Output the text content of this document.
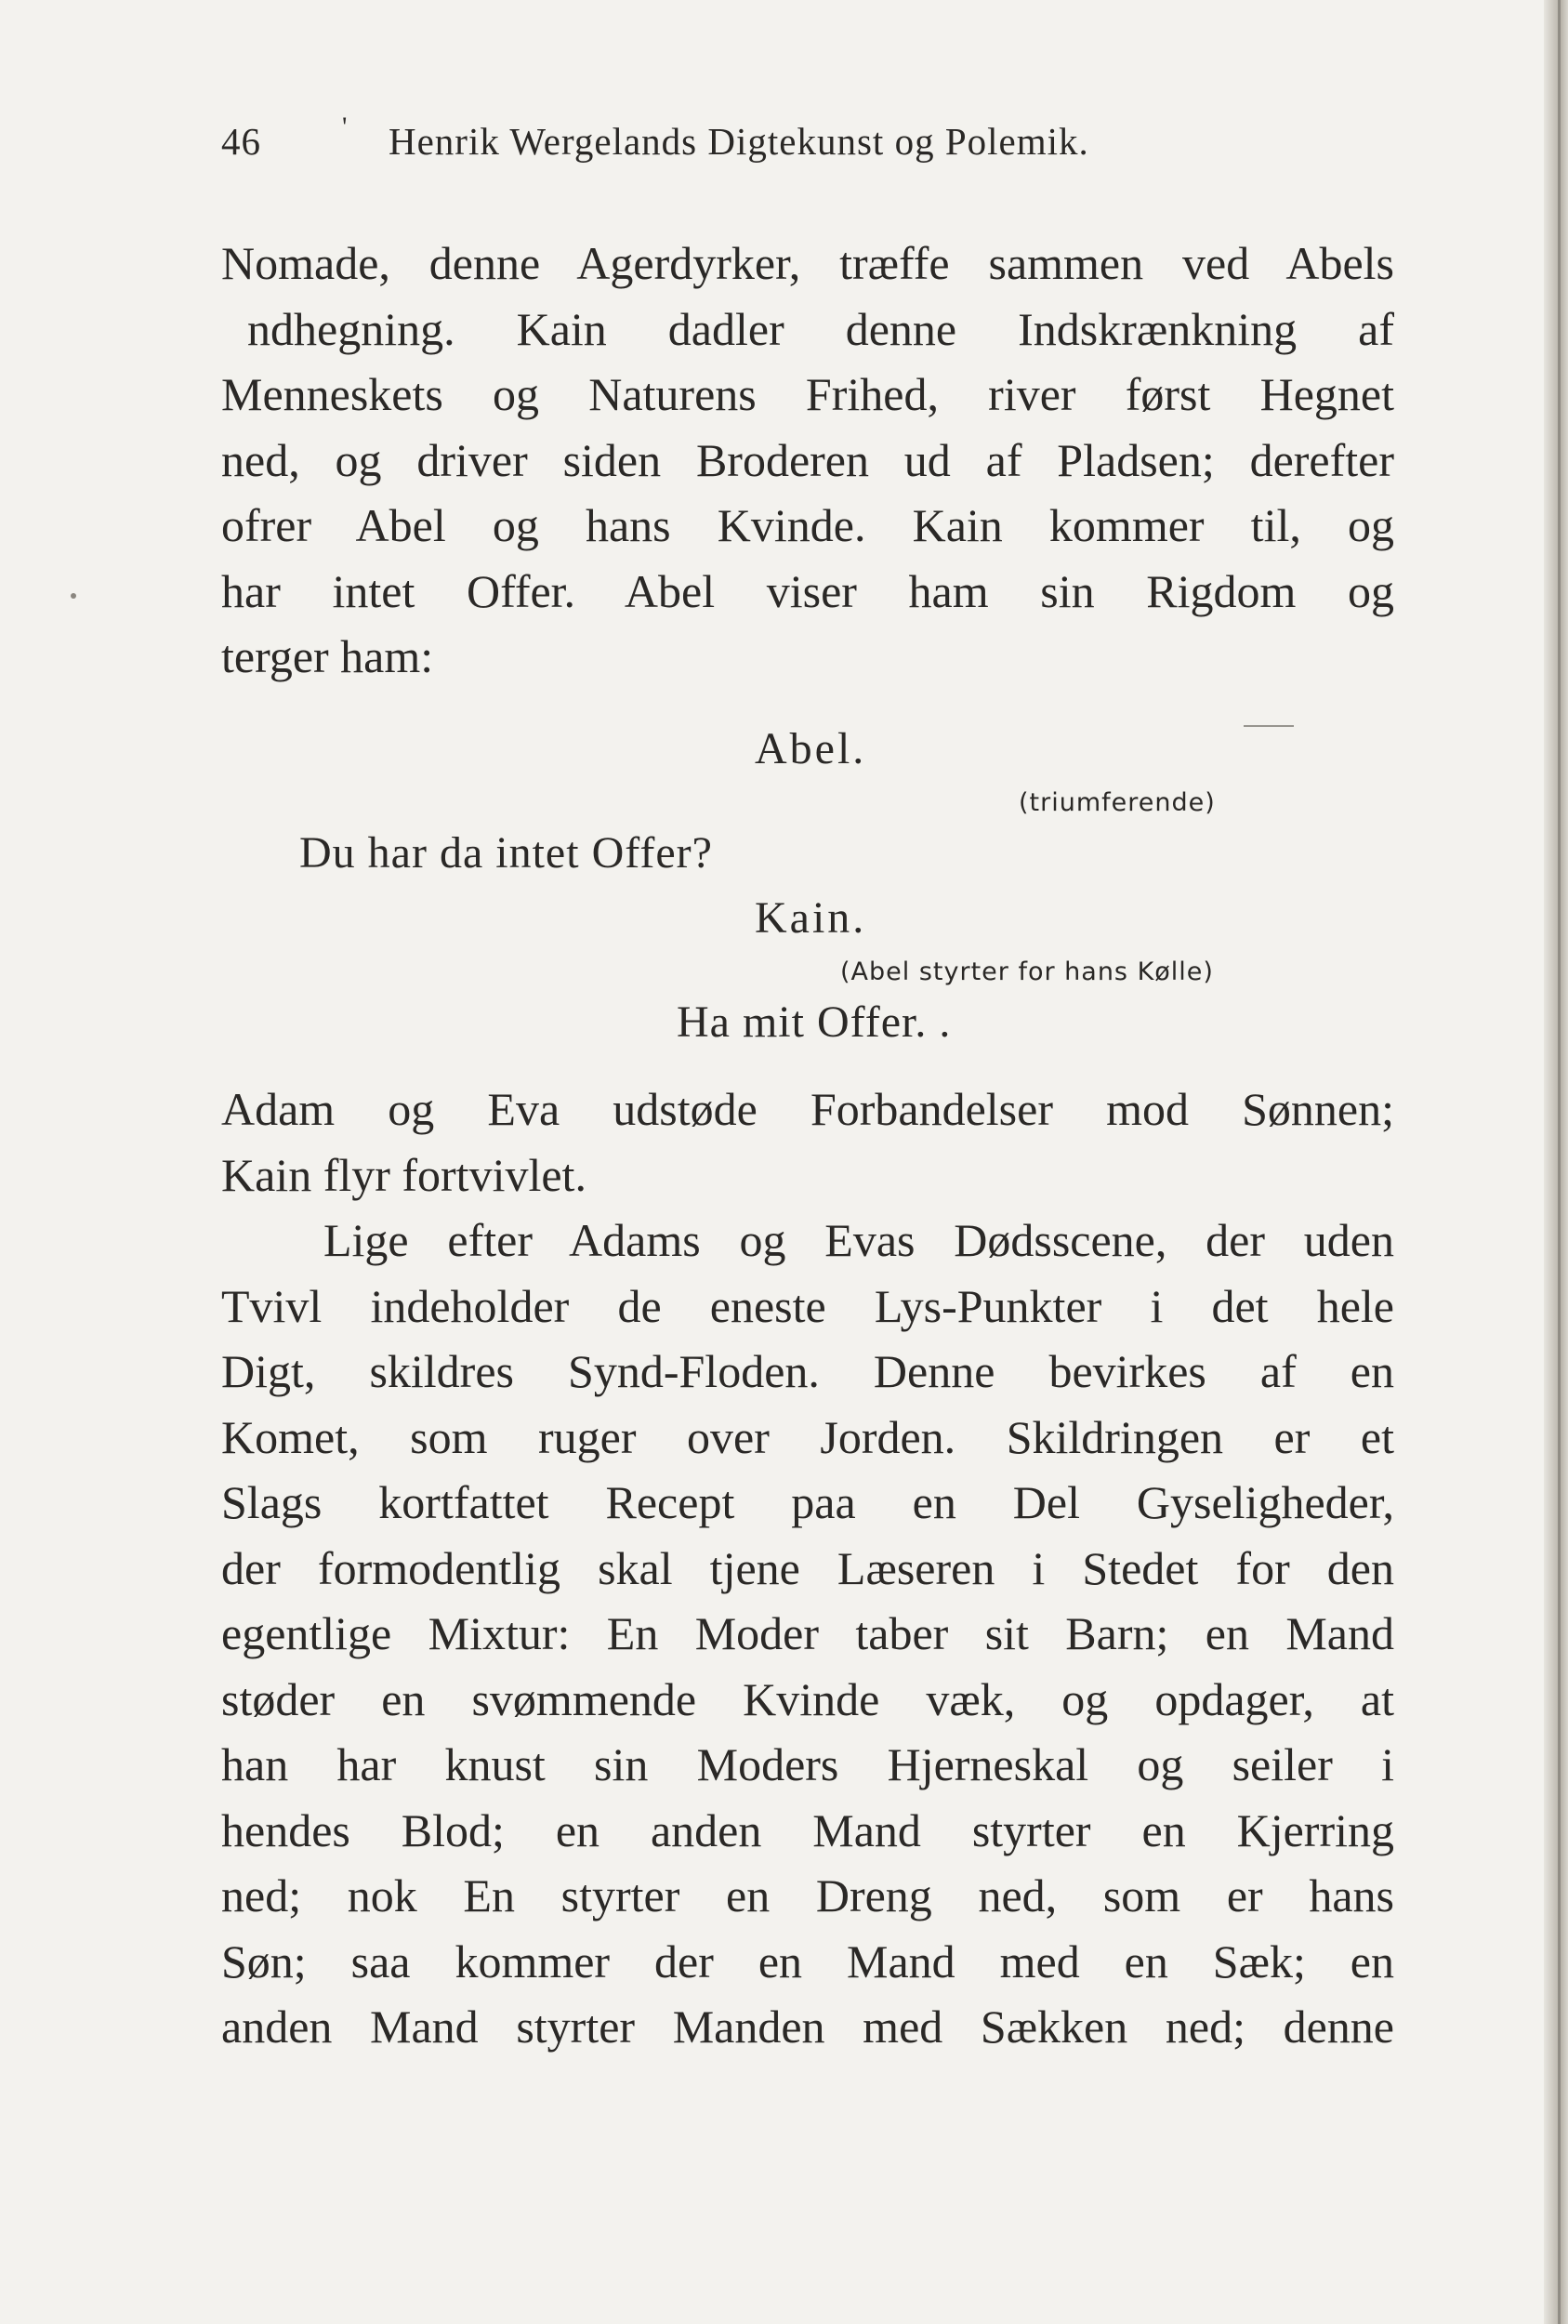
46	' Henrik Wergelands Digtekunst og Polemik.
Nomade, denne Agerdyrker, træffe sammen ved Abels
ndhegning. Kain dadler denne Indskrænkning af
Menneskets og Naturens Frihed, river først Hegnet
ned, og driver siden Broderen ud af Pladsen; derefter
ofrer Abel og hans Kvinde. Kain kommer til, og
har intet Offer. Abel viser ham sin Rigdom og
terger ham:
Abel.
(triumferende)
Du har da intet Offer?
Kain.
(Abel styrter for hans Kølle)
Ha mit Offer. .
Adam og Eva udstøde Forbandelser mod Sønnen;
Kain flyr fortvivlet.
Lige efter Adams og Evas Dødsscene, der uden
Tvivl indeholder de eneste Lys-Punkter i det hele
Digt, skildres Synd-Floden. Denne bevirkes af en
Komet, som ruger over Jorden. Skildringen er et
Slags kortfattet Recept paa en Del Gyseligheder,
der formodentlig skal tjene Læseren i Stedet for den
egentlige Mixtur: En Moder taber sit Barn; en Mand
støder en svømmende Kvinde væk, og opdager, at
han har knust sin Moders Hjerneskal og seiler i
hendes Blod; en anden Mand styrter en Kjerring
ned; nok En styrter en Dreng ned, som er hans
Søn; saa kommer der en Mand med en Sæk; en
anden Mand styrter Manden med Sækken ned; denne
